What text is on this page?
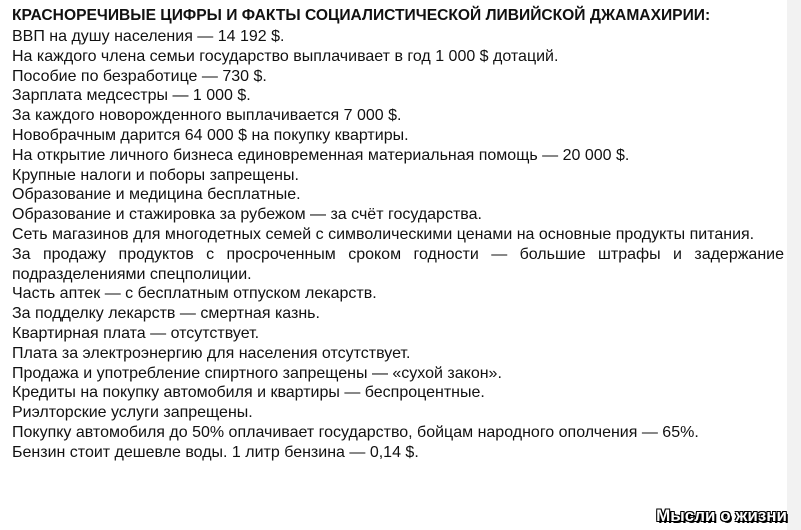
КРАСНОРЕЧИВЫЕ ЦИФРЫ И ФАКТЫ СОЦИАЛИСТИЧЕСКОЙ ЛИВИЙСКОЙ ДЖАМАХИРИИ:
ВВП на душу населения — 14 192 $.
На каждого члена семьи государство выплачивает в год 1 000 $ дотаций.
Пособие по безработице — 730 $.
Зарплата медсестры — 1 000 $.
За каждого новорожденного выплачивается 7 000 $.
Новобрачным дарится 64 000 $ на покупку квартиры.
На открытие личного бизнеса единовременная материальная помощь — 20 000 $.
Крупные налоги и поборы запрещены.
Образование и медицина бесплатные.
Образование и стажировка за рубежом — за счёт государства.
Сеть магазинов для многодетных семей с символическими ценами на основные продукты питания.
За продажу продуктов с просроченным сроком годности — большие штрафы и задержание подразделениями спецполиции.
Часть аптек — с бесплатным отпуском лекарств.
За подделку лекарств — смертная казнь.
Квартирная плата — отсутствует.
Плата за электроэнергию для населения отсутствует.
Продажа и употребление спиртного запрещены — «сухой закон».
Кредиты на покупку автомобиля и квартиры — беспроцентные.
Риэлторские услуги запрещены.
Покупку автомобиля до 50% оплачивает государство, бойцам народного ополчения — 65%.
Бензин стоит дешевле воды. 1 литр бензина — 0,14 $.
Мысли о жизни
